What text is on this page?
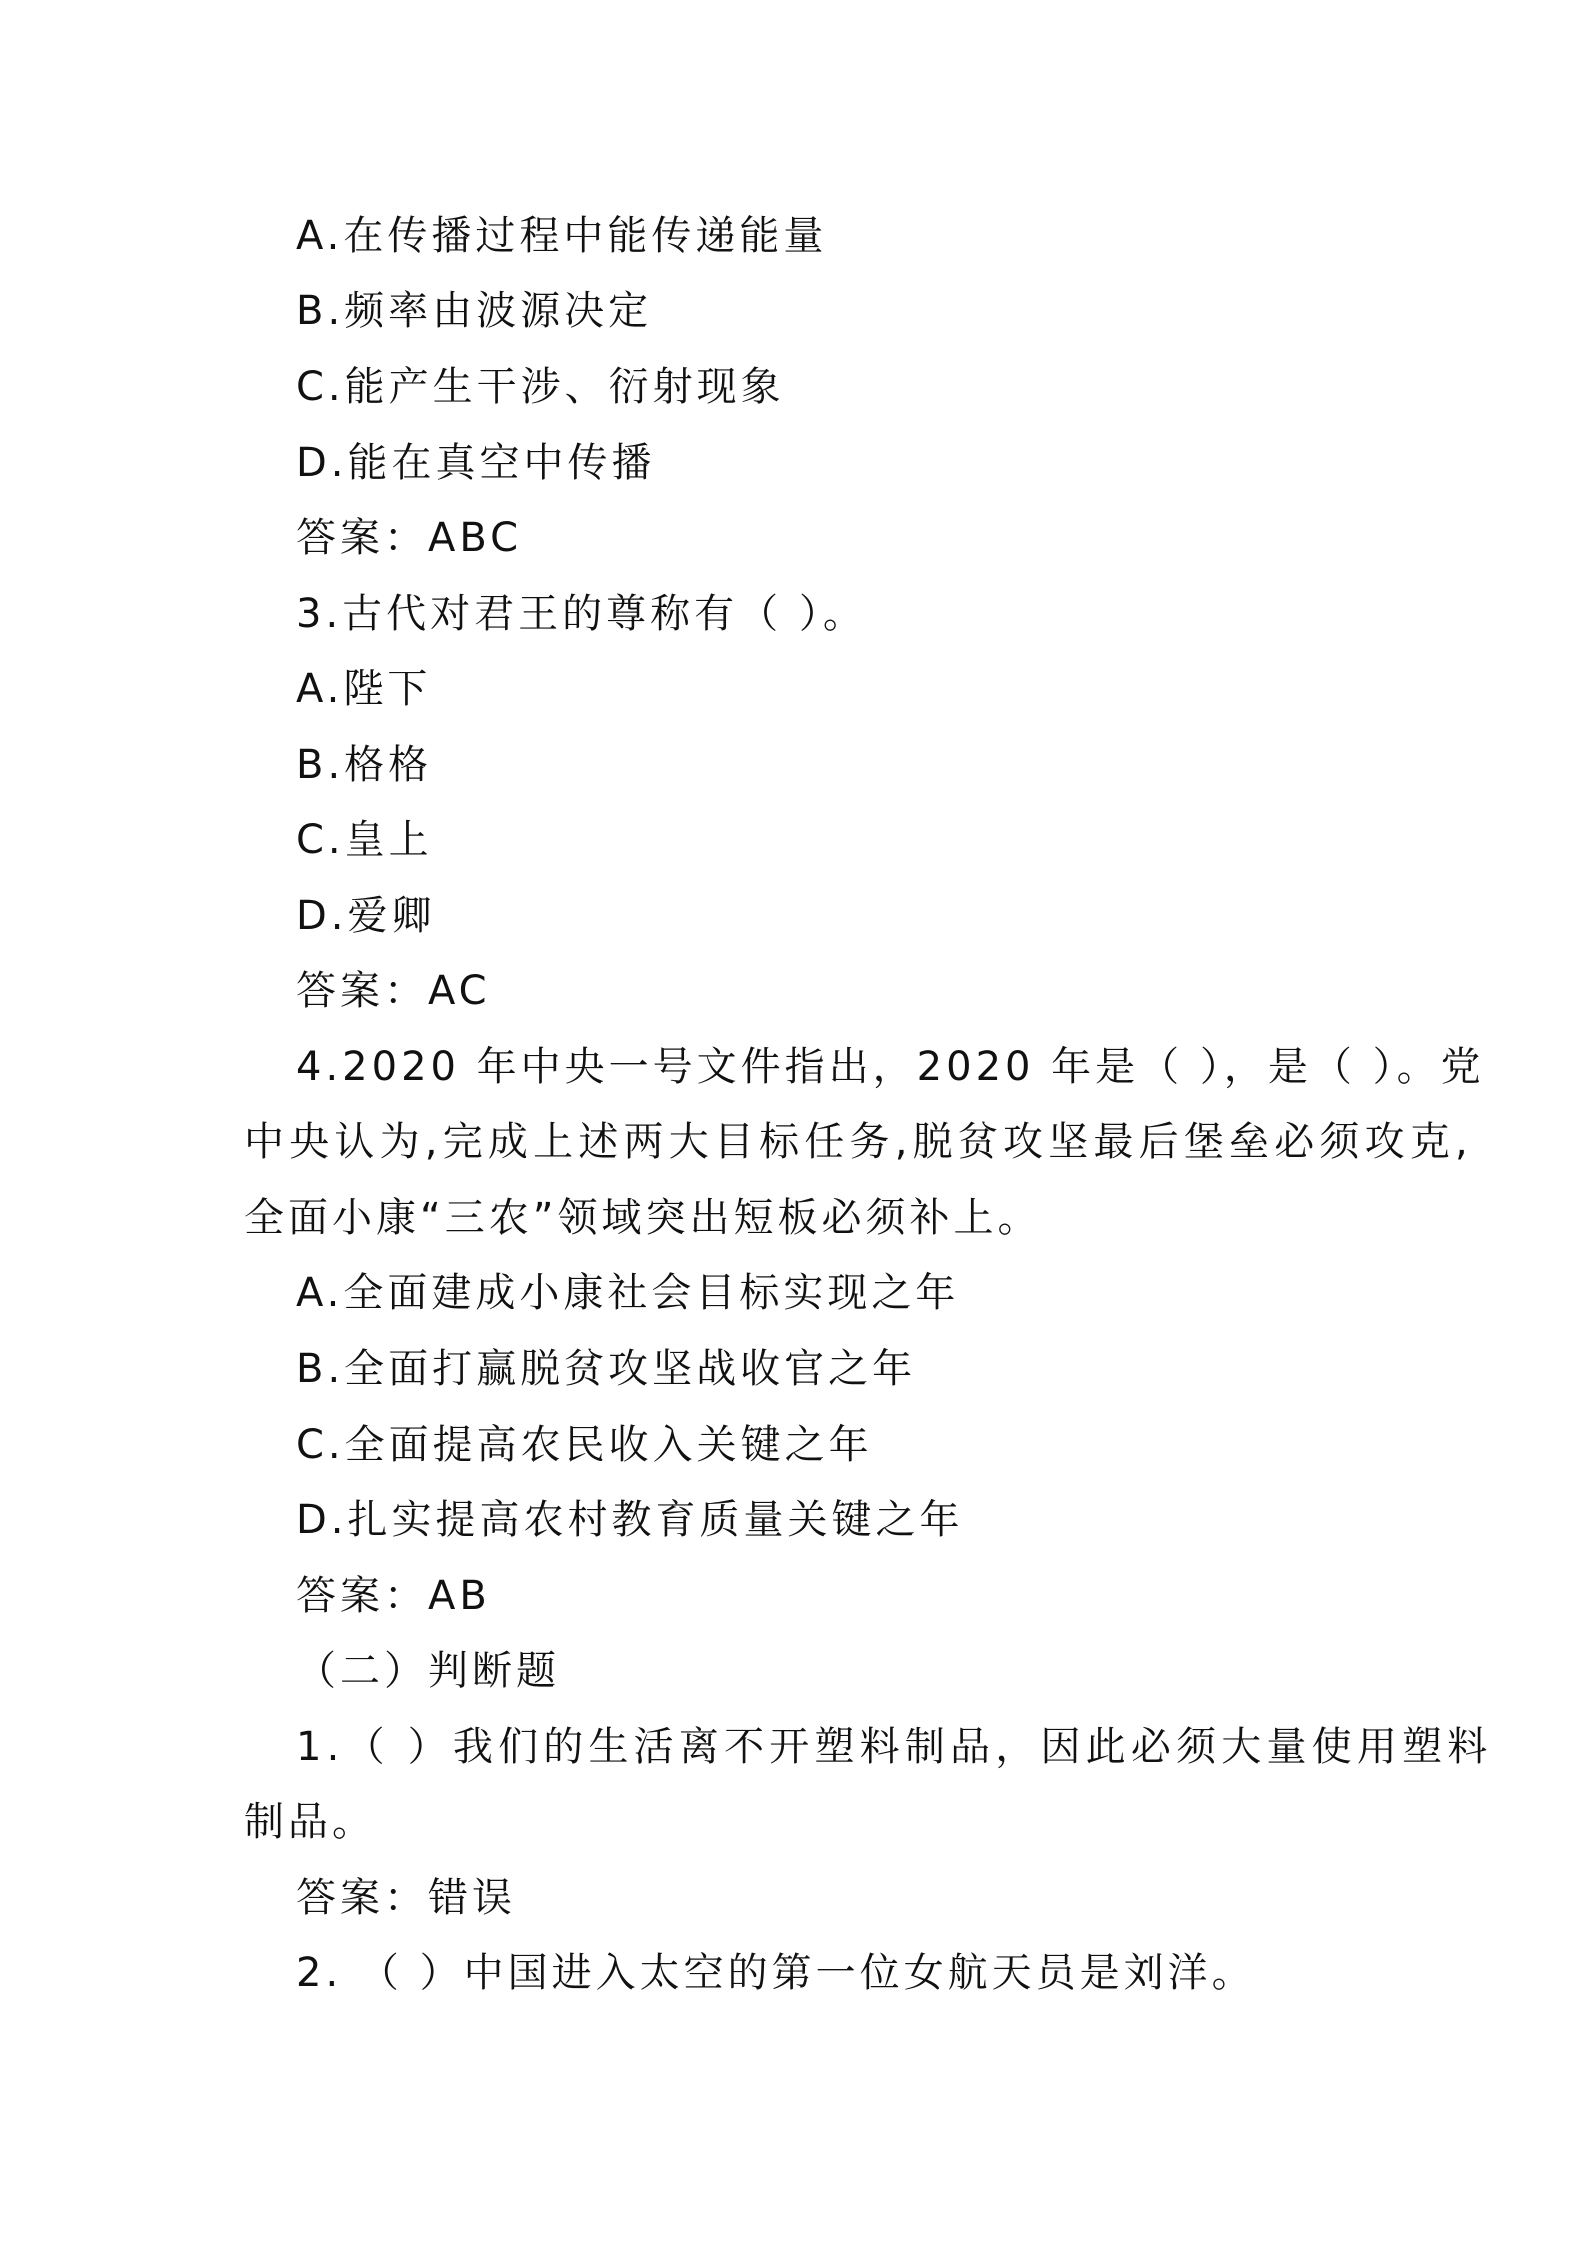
A.在传播过程中能传递能量
B.频率由波源决定
C.能产生干涉、衍射现象
D.能在真空中传播
答案：ABC
3.古代对君王的尊称有（ ）。
A.陛下
B.格格
C.皇上
D.爱卿
答案：AC
4.2020 年中央一号文件指出，2020 年是（ ），是（ ）。党
中央认为,完成上述两大目标任务,脱贫攻坚最后堡垒必须攻克,
全面小康“三农”领域突出短板必须补上。
A.全面建成小康社会目标实现之年
B.全面打赢脱贫攻坚战收官之年
C.全面提高农民收入关键之年
D.扎实提高农村教育质量关键之年
答案：AB
（二）判断题
1.（ ）我们的生活离不开塑料制品，因此必须大量使用塑料
制品。
答案：错误
2. （ ）中国进入太空的第一位女航天员是刘洋。
